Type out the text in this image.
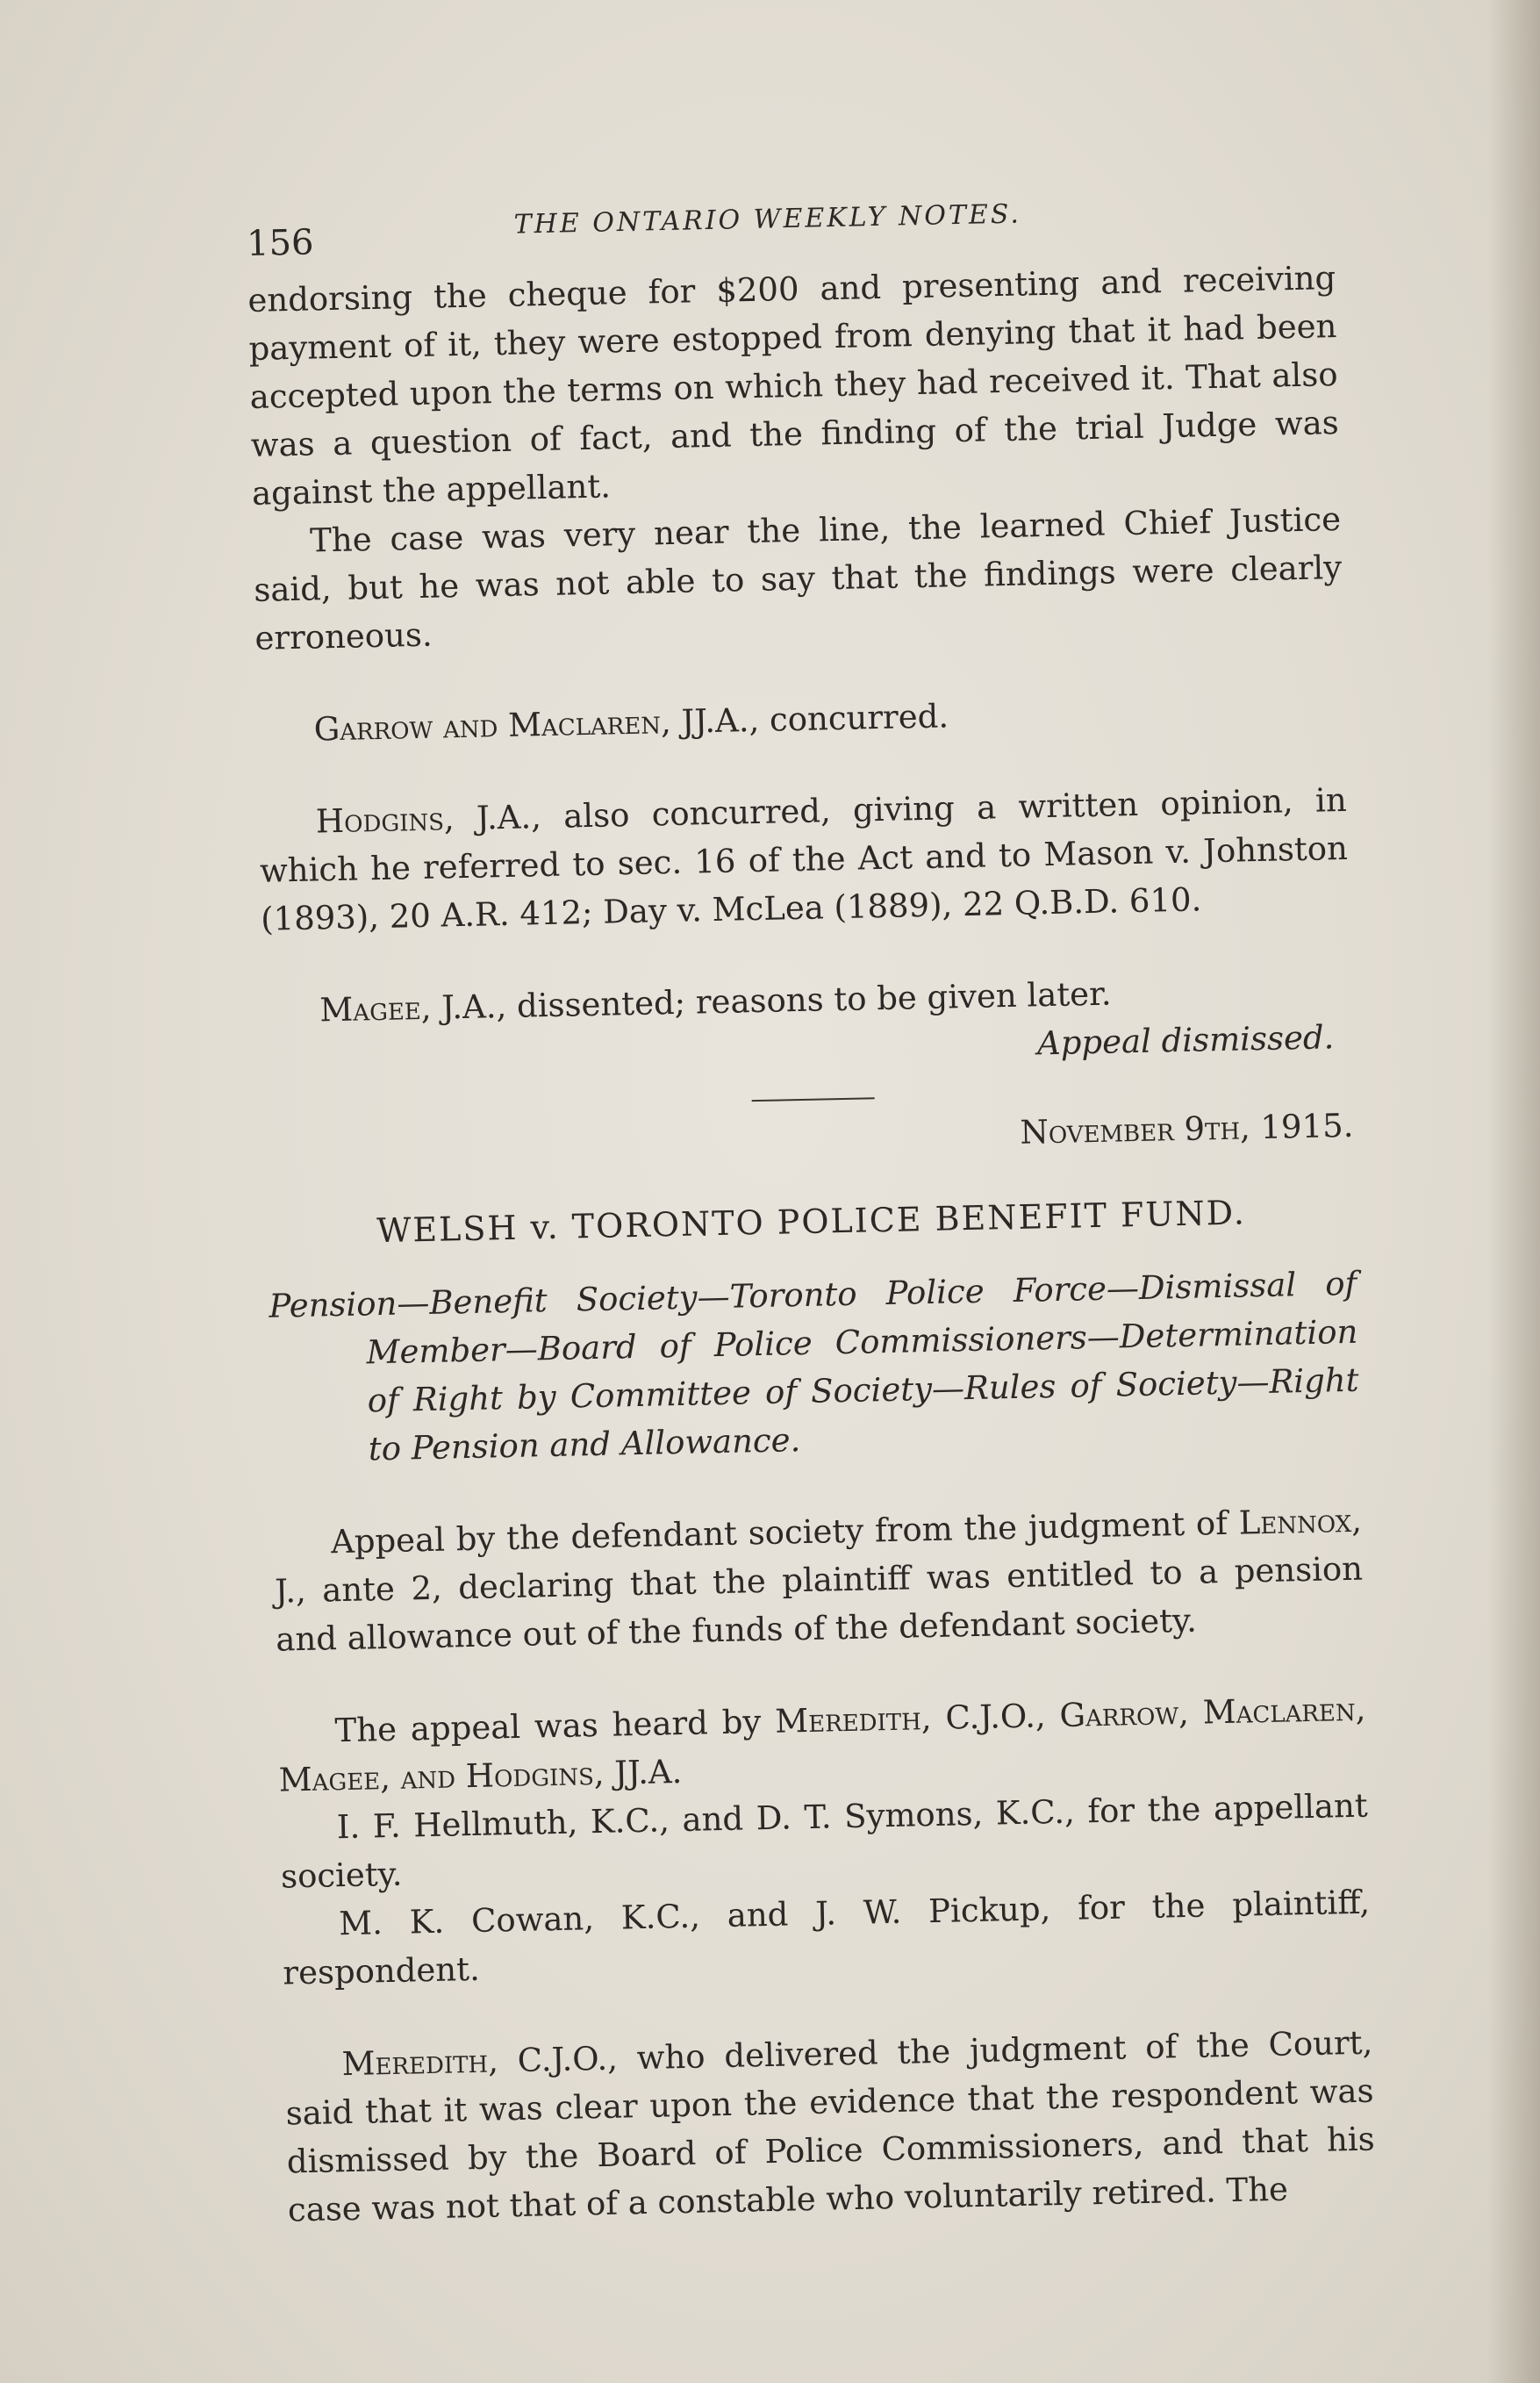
156
THE ONTARIO WEEKLY NOTES.

endorsing the cheque for $200 and presenting and receiving payment of it, they were estopped from denying that it had been accepted upon the terms on which they had received it. That also was a question of fact, and the finding of the trial Judge was against the appellant.

The case was very near the line, the learned Chief Justice said, but he was not able to say that the findings were clearly erroneous.

Garrow and Maclaren, JJ.A., concurred.

Hodgins, J.A., also concurred, giving a written opinion, in which he referred to sec. 16 of the Act and to Mason v. Johnston (1893), 20 A.R. 412; Day v. McLea (1889), 22 Q.B.D. 610.

Magee, J.A., dissented; reasons to be given later.

Appeal dismissed.

November 9th, 1915.

WELSH v. TORONTO POLICE BENEFIT FUND.

Pension—Benefit Society—Toronto Police Force—Dismissal of Member—Board of Police Commissioners—Determination of Right by Committee of Society—Rules of Society—Right to Pension and Allowance.

Appeal by the defendant society from the judgment of Lennox, J., ante 2, declaring that the plaintiff was entitled to a pension and allowance out of the funds of the defendant society.

The appeal was heard by Meredith, C.J.O., Garrow, Maclaren, Magee, and Hodgins, JJ.A.

I. F. Hellmuth, K.C., and D. T. Symons, K.C., for the appellant society.

M. K. Cowan, K.C., and J. W. Pickup, for the plaintiff, respondent.

Meredith, C.J.O., who delivered the judgment of the Court, said that it was clear upon the evidence that the respondent was dismissed by the Board of Police Commissioners, and that his case was not that of a constable who voluntarily retired. The
